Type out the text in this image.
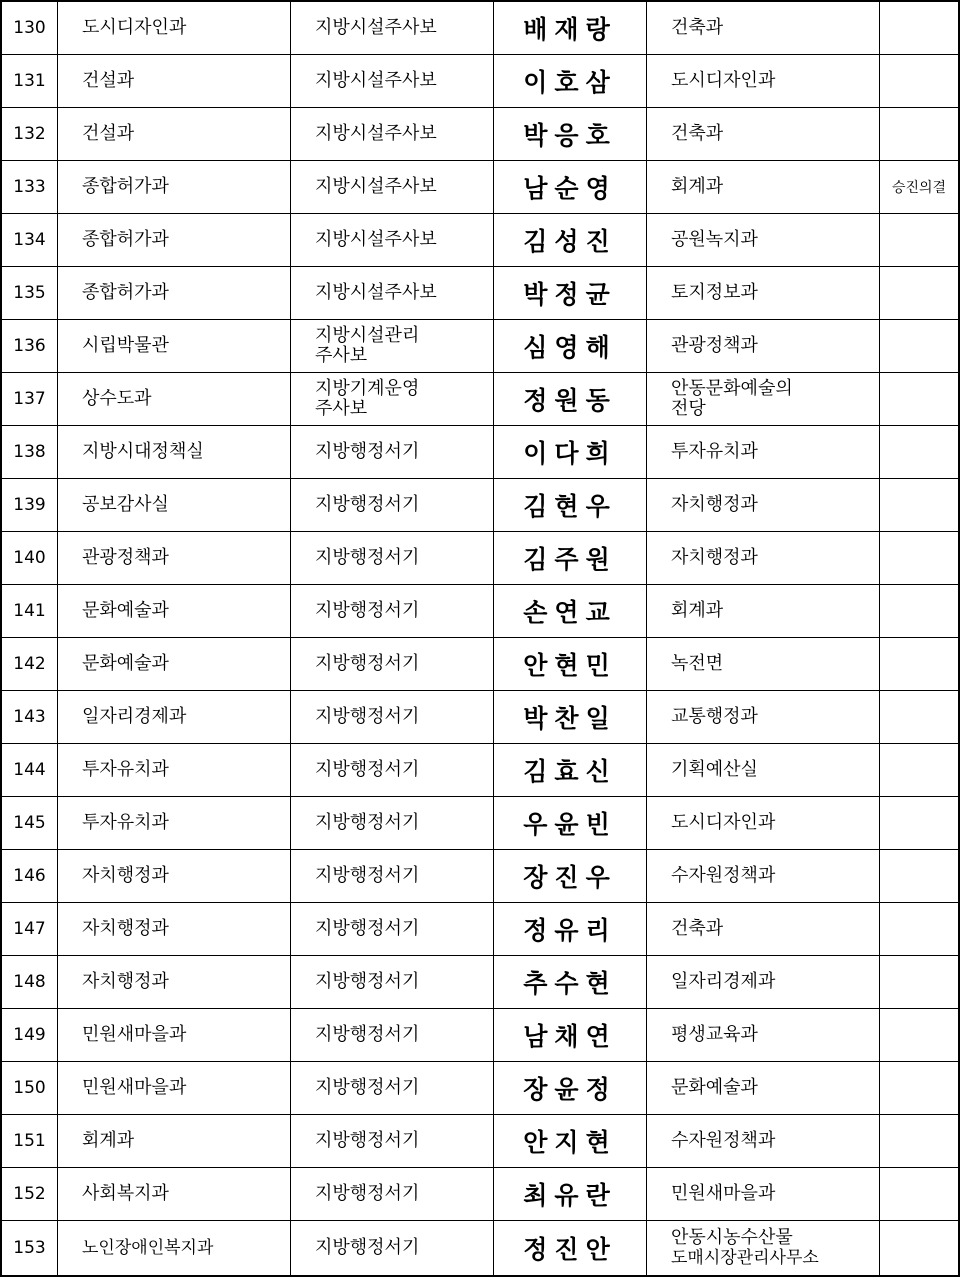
130	도시디자인과	지방시설주사보	배재랑	건축과	

131	건설과	지방시설주사보	이호삼	도시디자인과	

132	건설과	지방시설주사보	박응호	건축과	

133	종합허가과	지방시설주사보	남순영	회계과	승진의결
134	종합허가과	지방시설주사보	김성진	공원녹지과	

135	종합허가과	지방시설주사보	박정균	토지정보과	

136	시립박물관	지방시설관리
주사보	심영해	관광정책과	

137	상수도과	지방기계운영
주사보	정원동	안동문화예술의
전당	

138	지방시대정책실	지방행정서기	이다희	투자유치과	

139	공보감사실	지방행정서기	김현우	자치행정과	

140	관광정책과	지방행정서기	김주원	자치행정과	

141	문화예술과	지방행정서기	손연교	회계과	

142	문화예술과	지방행정서기	안현민	녹전면	

143	일자리경제과	지방행정서기	박찬일	교통행정과	

144	투자유치과	지방행정서기	김효신	기획예산실	

145	투자유치과	지방행정서기	우윤빈	도시디자인과	

146	자치행정과	지방행정서기	장진우	수자원정책과	

147	자치행정과	지방행정서기	정유리	건축과	

148	자치행정과	지방행정서기	추수현	일자리경제과	

149	민원새마을과	지방행정서기	남채연	평생교육과	

150	민원새마을과	지방행정서기	장윤정	문화예술과	

151	회계과	지방행정서기	안지현	수자원정책과	

152	사회복지과	지방행정서기	최유란	민원새마을과	

153	노인장애인복지과	지방행정서기	정진안	안동시농수산물
도매시장관리사무소	
